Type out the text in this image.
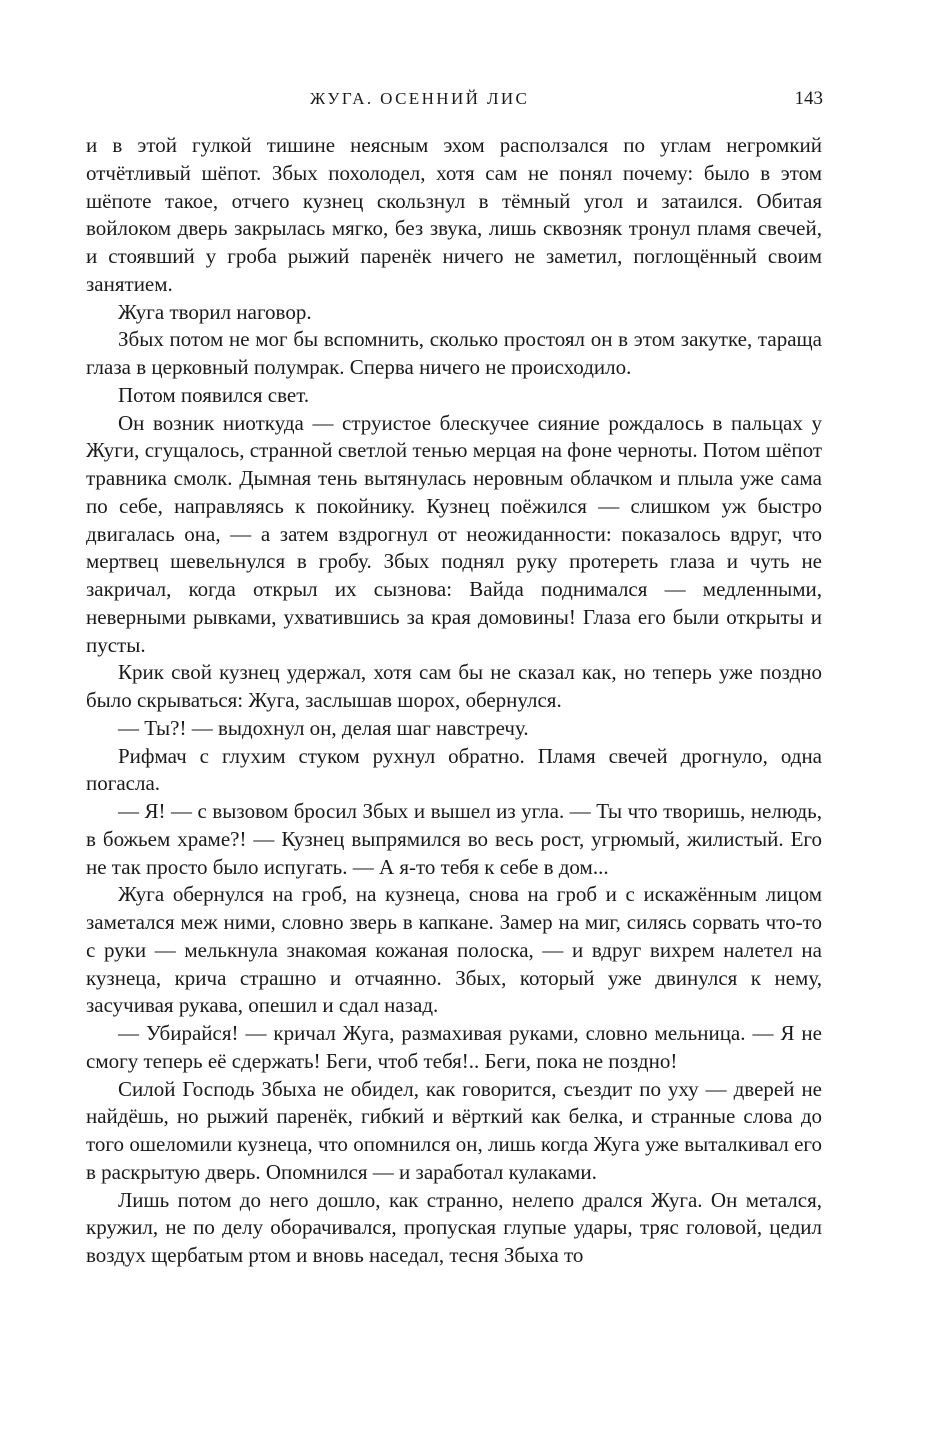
ЖУГА. ОСЕННИЙ ЛИС	143

и в этой гулкой тишине неясным эхом расползался по углам негромкий отчётливый шёпот. Збых похолодел, хотя сам не понял почему: было в этом шёпоте такое, отчего кузнец скользнул в тёмный угол и затаился. Обитая войлоком дверь закрылась мягко, без звука, лишь сквозняк тронул пламя свечей, и стоявший у гроба рыжий паренёк ничего не заметил, поглощённый своим занятием.

Жуга творил наговор.

Збых потом не мог бы вспомнить, сколько простоял он в этом закутке, тараща глаза в церковный полумрак. Сперва ничего не происходило.

Потом появился свет.

Он возник ниоткуда — струистое блескучее сияние рождалось в пальцах у Жуги, сгущалось, странной светлой тенью мерцая на фоне черноты. Потом шёпот травника смолк. Дымная тень вытянулась неровным облачком и плыла уже сама по себе, направляясь к покойнику. Кузнец поёжился — слишком уж быстро двигалась она, — а затем вздрогнул от неожиданности: показалось вдруг, что мертвец шевельнулся в гробу. Збых поднял руку протереть глаза и чуть не закричал, когда открыл их сызнова: Вайда поднимался — медленными, неверными рывками, ухватившись за края домовины! Глаза его были открыты и пусты.

Крик свой кузнец удержал, хотя сам бы не сказал как, но теперь уже поздно было скрываться: Жуга, заслышав шорох, обернулся.

— Ты?! — выдохнул он, делая шаг навстречу.

Рифмач с глухим стуком рухнул обратно. Пламя свечей дрогнуло, одна погасла.

— Я! — с вызовом бросил Збых и вышел из угла. — Ты что творишь, нелюдь, в божьем храме?! — Кузнец выпрямился во весь рост, угрюмый, жилистый. Его не так просто было испугать. — А я-то тебя к себе в дом...

Жуга обернулся на гроб, на кузнеца, снова на гроб и с искажённым лицом заметался меж ними, словно зверь в капкане. Замер на миг, силясь сорвать что-то с руки — мелькнула знакомая кожаная полоска, — и вдруг вихрем налетел на кузнеца, крича страшно и отчаянно. Збых, который уже двинулся к нему, засучивая рукава, опешил и сдал назад.

— Убирайся! — кричал Жуга, размахивая руками, словно мельница. — Я не смогу теперь её сдержать! Беги, чтоб тебя!.. Беги, пока не поздно!

Силой Господь Збыха не обидел, как говорится, съездит по уху — дверей не найдёшь, но рыжий паренёк, гибкий и вёрткий как белка, и странные слова до того ошеломили кузнеца, что опомнился он, лишь когда Жуга уже выталкивал его в раскрытую дверь. Опомнился — и заработал кулаками.

Лишь потом до него дошло, как странно, нелепо дрался Жуга. Он метался, кружил, не по делу оборачивался, пропуская глупые удары, тряс головой, цедил воздух щербатым ртом и вновь наседал, тесня Збыха то
